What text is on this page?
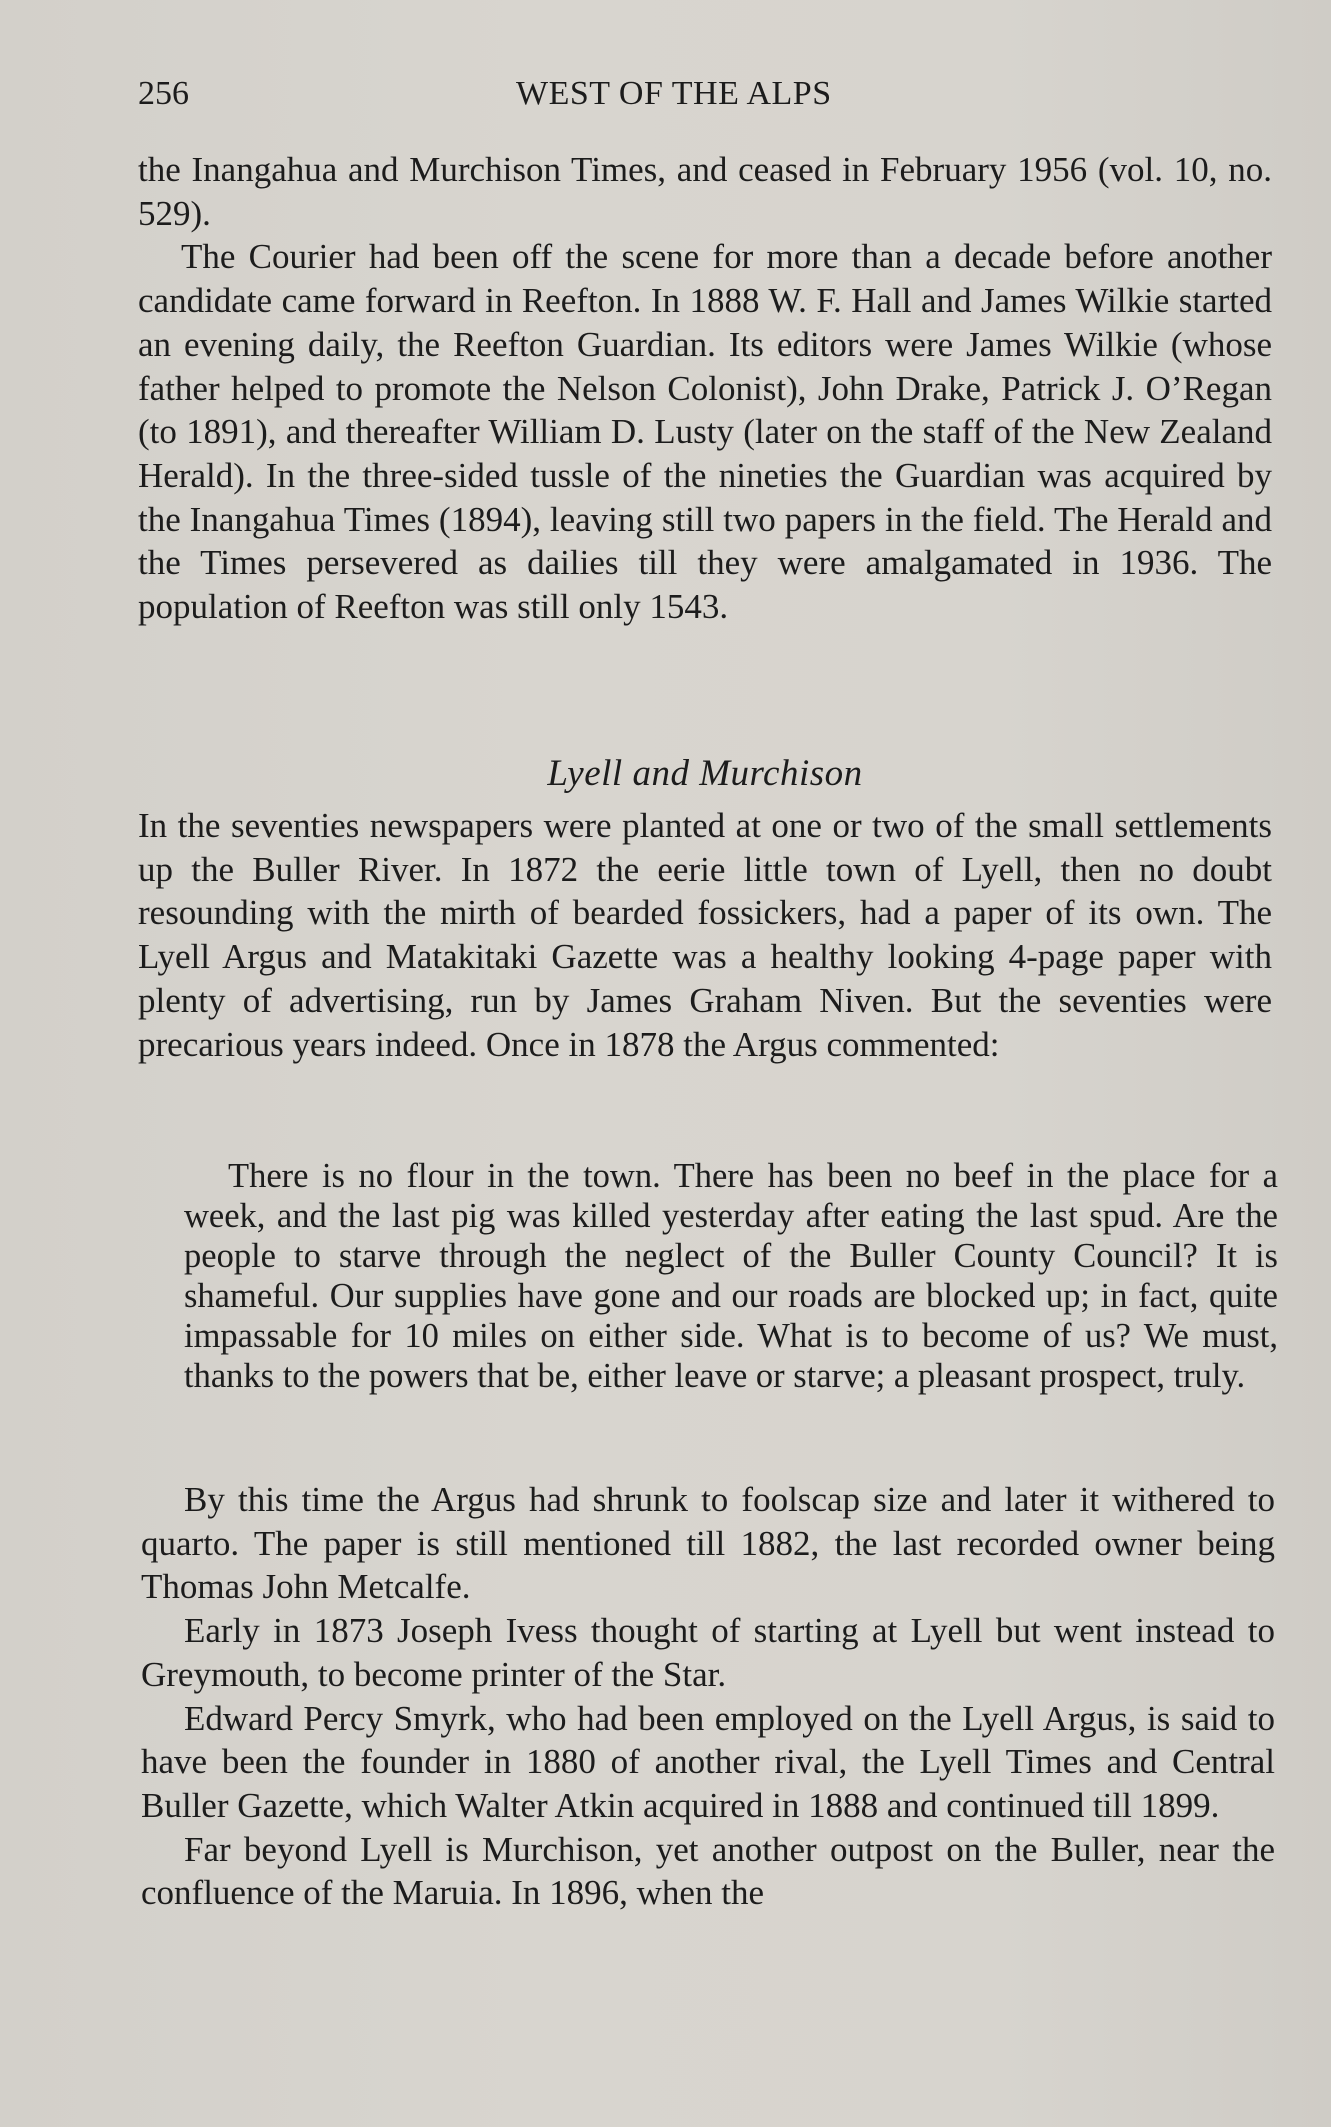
256	WEST OF THE ALPS

the Inangahua and Murchison Times, and ceased in February 1956 (vol. 10, no. 529).

The Courier had been off the scene for more than a decade before another candidate came forward in Reefton. In 1888 W. F. Hall and James Wilkie started an evening daily, the Reefton Guardian. Its editors were James Wilkie (whose father helped to promote the Nelson Colonist), John Drake, Patrick J. O’Regan (to 1891), and thereafter William D. Lusty (later on the staff of the New Zealand Herald). In the three-sided tussle of the nineties the Guardian was acquired by the Inangahua Times (1894), leaving still two papers in the field. The Herald and the Times persevered as dailies till they were amalgamated in 1936. The population of Reefton was still only 1543.

Lyell and Murchison

In the seventies newspapers were planted at one or two of the small settlements up the Buller River. In 1872 the eerie little town of Lyell, then no doubt resounding with the mirth of bearded fossickers, had a paper of its own. The Lyell Argus and Matakitaki Gazette was a healthy looking 4-page paper with plenty of advertising, run by James Graham Niven. But the seventies were precarious years indeed. Once in 1878 the Argus commented:

There is no flour in the town. There has been no beef in the place for a week, and the last pig was killed yesterday after eating the last spud. Are the people to starve through the neglect of the Buller County Council? It is shameful. Our supplies have gone and our roads are blocked up; in fact, quite impassable for 10 miles on either side. What is to become of us? We must, thanks to the powers that be, either leave or starve; a pleasant prospect, truly.

By this time the Argus had shrunk to foolscap size and later it withered to quarto. The paper is still mentioned till 1882, the last recorded owner being Thomas John Metcalfe.

Early in 1873 Joseph Ivess thought of starting at Lyell but went instead to Greymouth, to become printer of the Star.

Edward Percy Smyrk, who had been employed on the Lyell Argus, is said to have been the founder in 1880 of another rival, the Lyell Times and Central Buller Gazette, which Walter Atkin acquired in 1888 and continued till 1899.

Far beyond Lyell is Murchison, yet another outpost on the Buller, near the confluence of the Maruia. In 1896, when the
